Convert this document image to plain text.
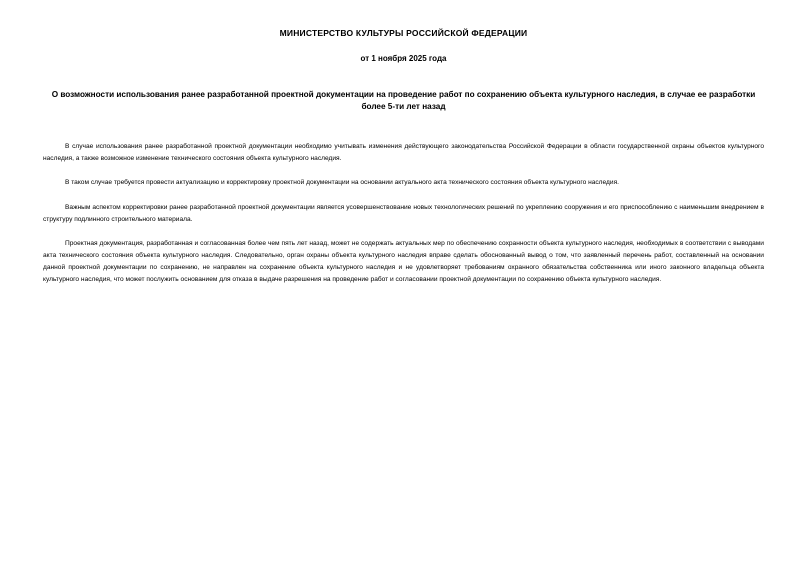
МИНИСТЕРСТВО КУЛЬТУРЫ РОССИЙСКОЙ ФЕДЕРАЦИИ
от 1 ноября 2025 года
О возможности использования ранее разработанной проектной документации на проведение работ по сохранению объекта культурного наследия, в случае ее разработки более 5-ти лет назад

В случае использования ранее разработанной проектной документации необходимо учитывать изменения действующего законодательства Российской Федерации в области государственной охраны объектов культурного наследия, а также возможное изменение технического состояния объекта культурного наследия.

В таком случае требуется провести актуализацию и корректировку проектной документации на основании актуального акта технического состояния объекта культурного наследия.

Важным аспектом корректировки ранее разработанной проектной документации является усовершенствование новых технологических решений по укреплению сооружения и его приспособлению с наименьшим внедрением в структуру подлинного строительного материала.

Проектная документация, разработанная и согласованная более чем пять лет назад, может не содержать актуальных мер по обеспечению сохранности объекта культурного наследия, необходимых в соответствии с выводами акта технического состояния объекта культурного наследия. Следовательно, орган охраны объекта культурного наследия вправе сделать обоснованный вывод о том, что заявленный перечень работ, составленный на основании данной проектной документации по сохранению, не направлен на сохранение объекта культурного наследия и не удовлетворяет требованиям охранного обязательства собственника или иного законного владельца объекта культурного наследия, что может послужить основанием для отказа в выдаче разрешения на проведение работ и согласовании проектной документации по сохранению объекта культурного наследия.
